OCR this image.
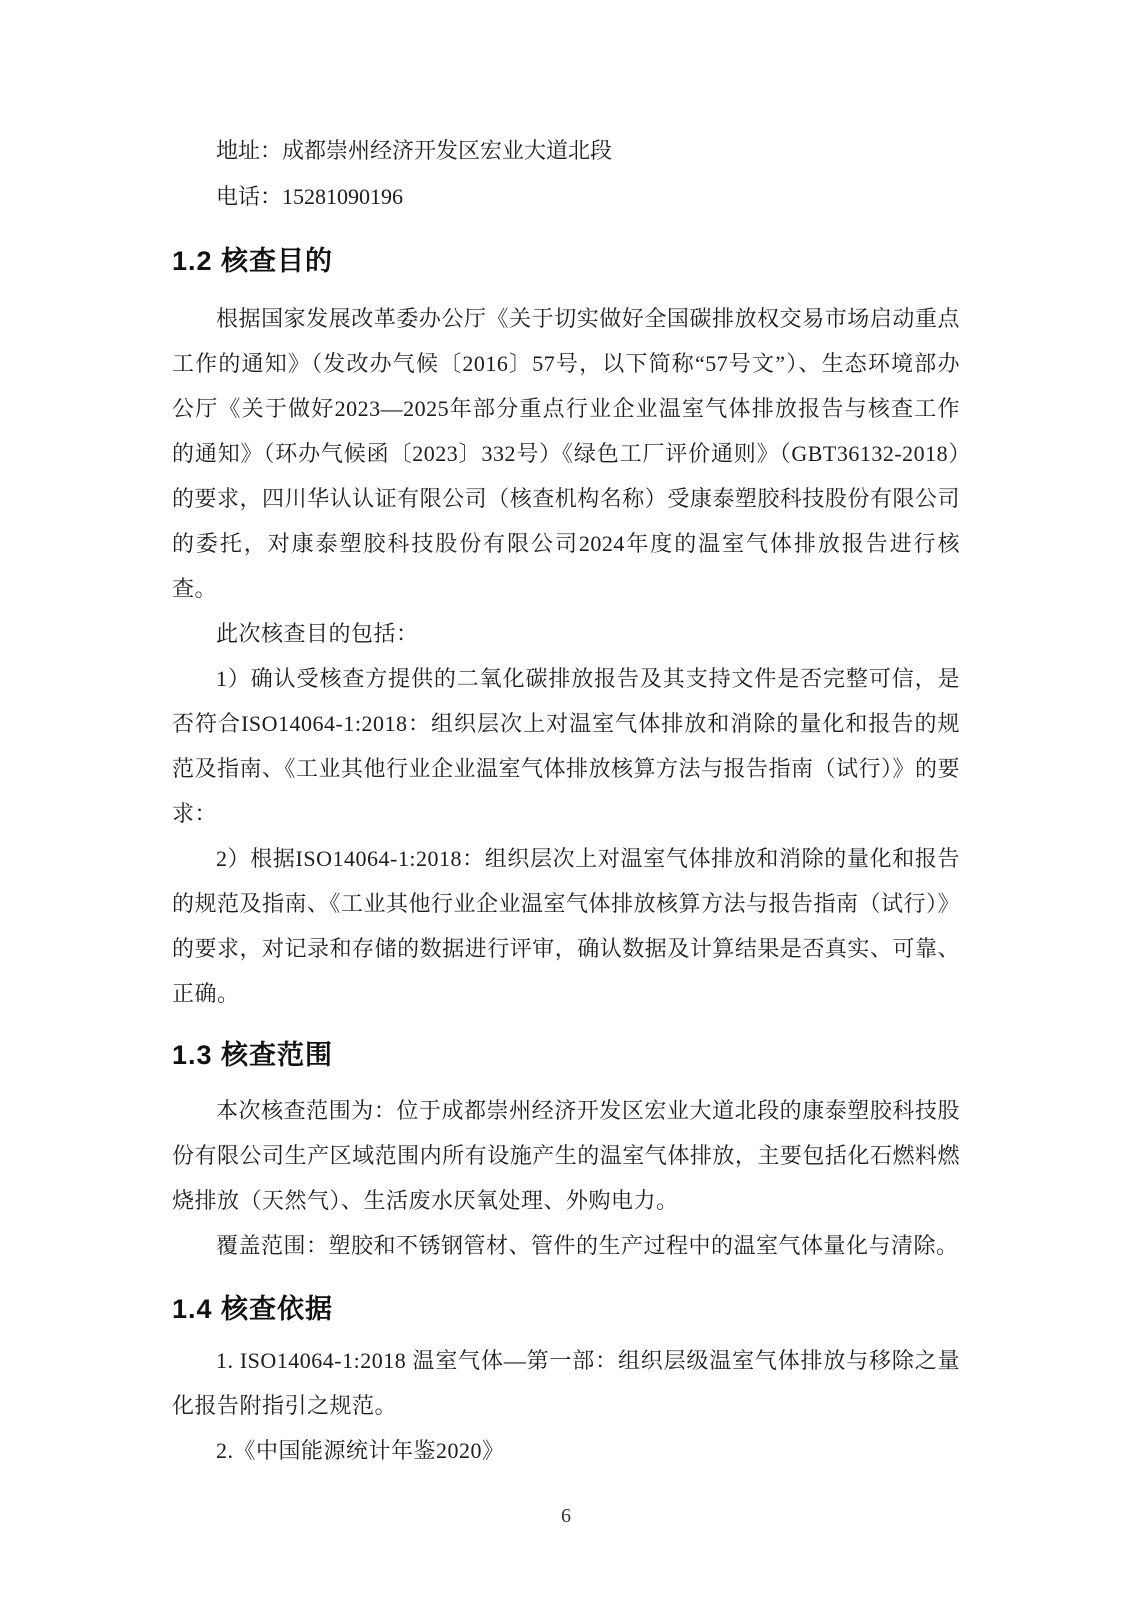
地址：成都崇州经济开发区宏业大道北段

电话：15281090196

1.2 核查目的

根据国家发展改革委办公厅《关于切实做好全国碳排放权交易市场启动重点工作的通知》（发改办气候〔2016〕57号，以下简称“57号文”）、生态环境部办公厅《关于做好2023—2025年部分重点行业企业温室气体排放报告与核查工作的通知》（环办气候函〔2023〕332号）《绿色工厂评价通则》（GBT36132-2018）的要求，四川华认认证有限公司（核查机构名称）受康泰塑胶科技股份有限公司的委托，对康泰塑胶科技股份有限公司2024年度的温室气体排放报告进行核查。

此次核查目的包括：

1）确认受核查方提供的二氧化碳排放报告及其支持文件是否完整可信，是否符合ISO14064-1:2018：组织层次上对温室气体排放和消除的量化和报告的规范及指南、《工业其他行业企业温室气体排放核算方法与报告指南（试行）》的要求：

2）根据ISO14064-1:2018：组织层次上对温室气体排放和消除的量化和报告的规范及指南、《工业其他行业企业温室气体排放核算方法与报告指南（试行）》的要求，对记录和存储的数据进行评审，确认数据及计算结果是否真实、可靠、正确。

1.3 核查范围

本次核查范围为：位于成都崇州经济开发区宏业大道北段的康泰塑胶科技股份有限公司生产区域范围内所有设施产生的温室气体排放，主要包括化石燃料燃烧排放（天然气）、生活废水厌氧处理、外购电力。

覆盖范围：塑胶和不锈钢管材、管件的生产过程中的温室气体量化与清除。

1.4 核查依据

1. ISO14064-1:2018 温室气体—第一部：组织层级温室气体排放与移除之量化报告附指引之规范。

2.《中国能源统计年鉴2020》

6
